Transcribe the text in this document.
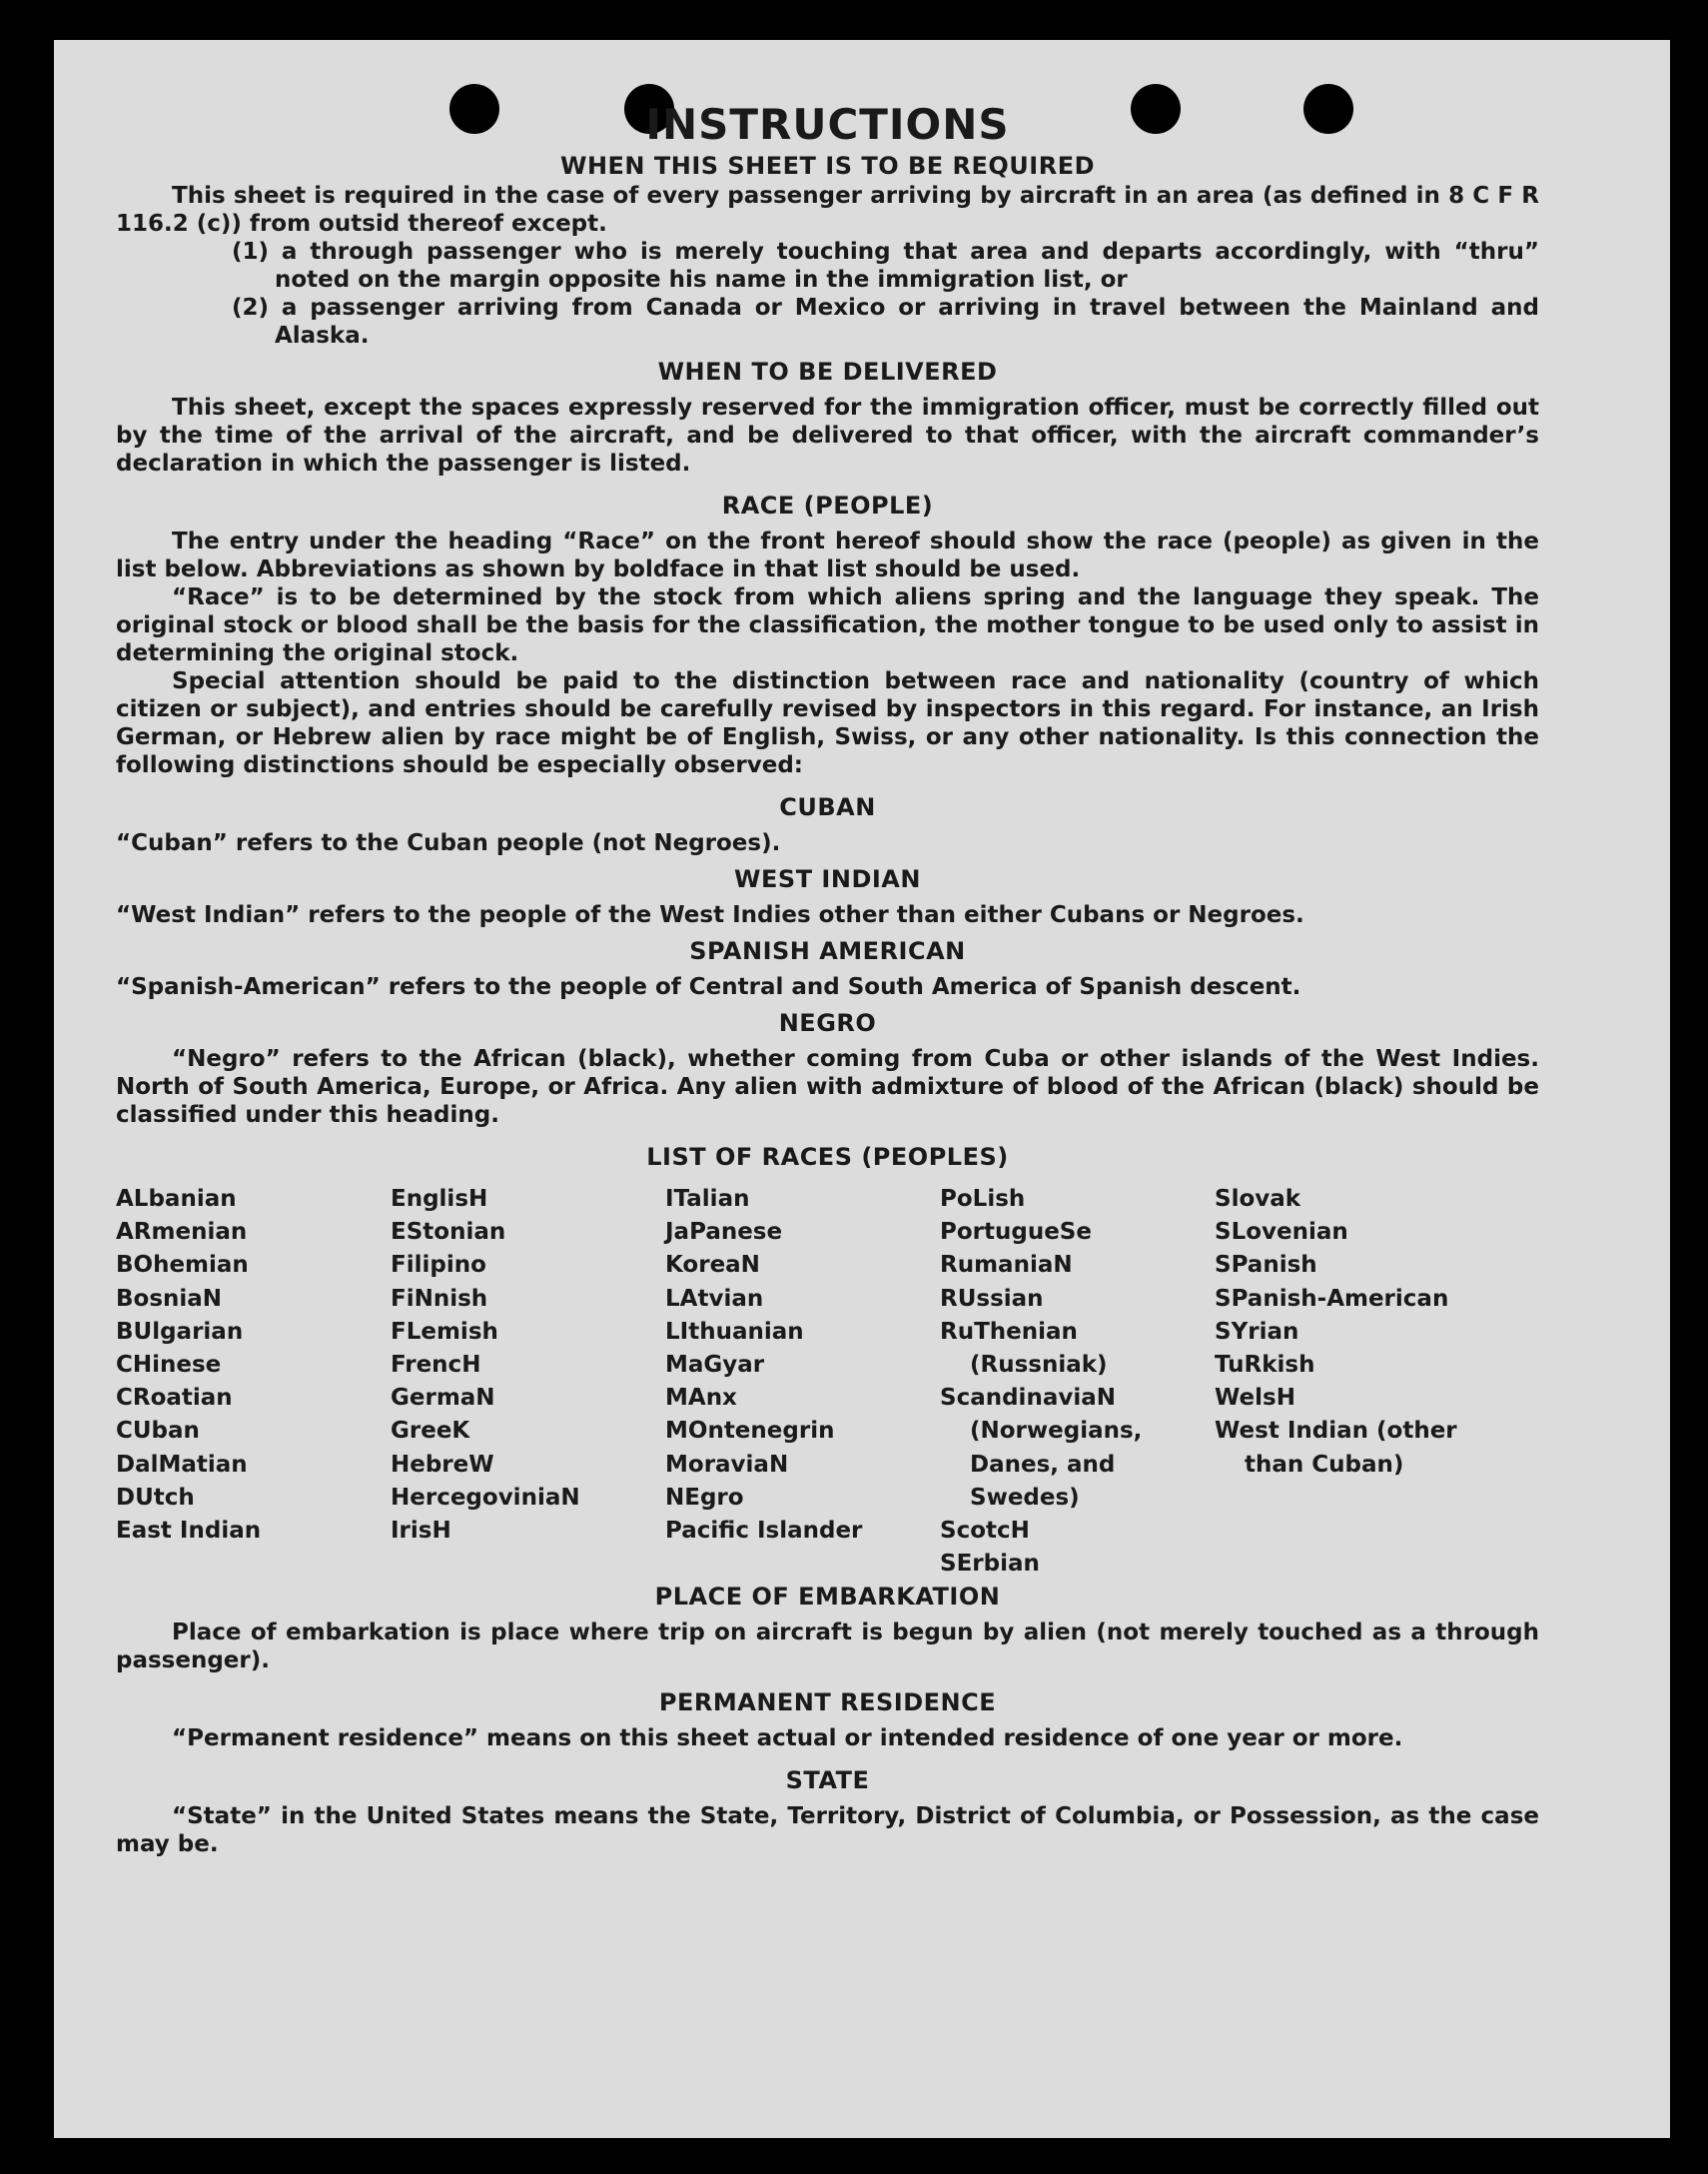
INSTRUCTIONS
WHEN THIS SHEET IS TO BE REQUIRED

This sheet is required in the case of every passenger arriving by aircraft in an area (as defined in 8 C F R 116.2 (c)) from outsid thereof except.

(1) a through passenger who is merely touching that area and departs accordingly, with “thru” noted on the margin opposite his name in the immigration list, or

(2) a passenger arriving from Canada or Mexico or arriving in travel between the Mainland and Alaska.

WHEN TO BE DELIVERED

This sheet, except the spaces expressly reserved for the immigration officer, must be correctly filled out by the time of the arrival of the aircraft, and be delivered to that officer, with the aircraft commander’s declaration in which the passenger is listed.

RACE (PEOPLE)

The entry under the heading “Race” on the front hereof should show the race (people) as given in the list below. Abbreviations as shown by boldface in that list should be used.

“Race” is to be determined by the stock from which aliens spring and the language they speak. The original stock or blood shall be the basis for the classification, the mother tongue to be used only to assist in determining the original stock.

Special attention should be paid to the distinction between race and nationality (country of which citizen or subject), and entries should be carefully revised by inspectors in this regard. For instance, an Irish German, or Hebrew alien by race might be of English, Swiss, or any other nationality. Is this connection the following distinctions should be especially observed:

CUBAN

“Cuban” refers to the Cuban people (not Negroes).

WEST INDIAN

“West Indian” refers to the people of the West Indies other than either Cubans or Negroes.

SPANISH AMERICAN

“Spanish-American” refers to the people of Central and South America of Spanish descent.

NEGRO

“Negro” refers to the African (black), whether coming from Cuba or other islands of the West Indies. North of South America, Europe, or Africa. Any alien with admixture of blood of the African (black) should be classified under this heading.

LIST OF RACES (PEOPLES)
ALbanian
ARmenian
BOhemian
BosniaN
BUlgarian
CHinese
CRoatian
CUban
DalMatian
DUtch
East Indian
EnglisH
EStonian
Filipino
FiNnish
FLemish
FrencH
GermaN
GreeK
HebreW
HercegoviniaN
IrisH
ITalian
JaPanese
KoreaN
LAtvian
LIthuanian
MaGyar
MAnx
MOntenegrin
MoraviaN
NEgro
Pacific Islander
PoLish
PortugueSe
RumaniaN
RUssian
RuThenian (Russniak)
ScandinaviaN (Norwegians, Danes, and Swedes)
ScotcH
SErbian
Slovak
SLovenian
SPanish
SPanish-American
SYrian
TuRkish
WelsH
West Indian (other than Cuban)
PLACE OF EMBARKATION

Place of embarkation is place where trip on aircraft is begun by alien (not merely touched as a through passenger).

PERMANENT RESIDENCE

“Permanent residence” means on this sheet actual or intended residence of one year or more.

STATE

“State” in the United States means the State, Territory, District of Columbia, or Possession, as the case may be.
